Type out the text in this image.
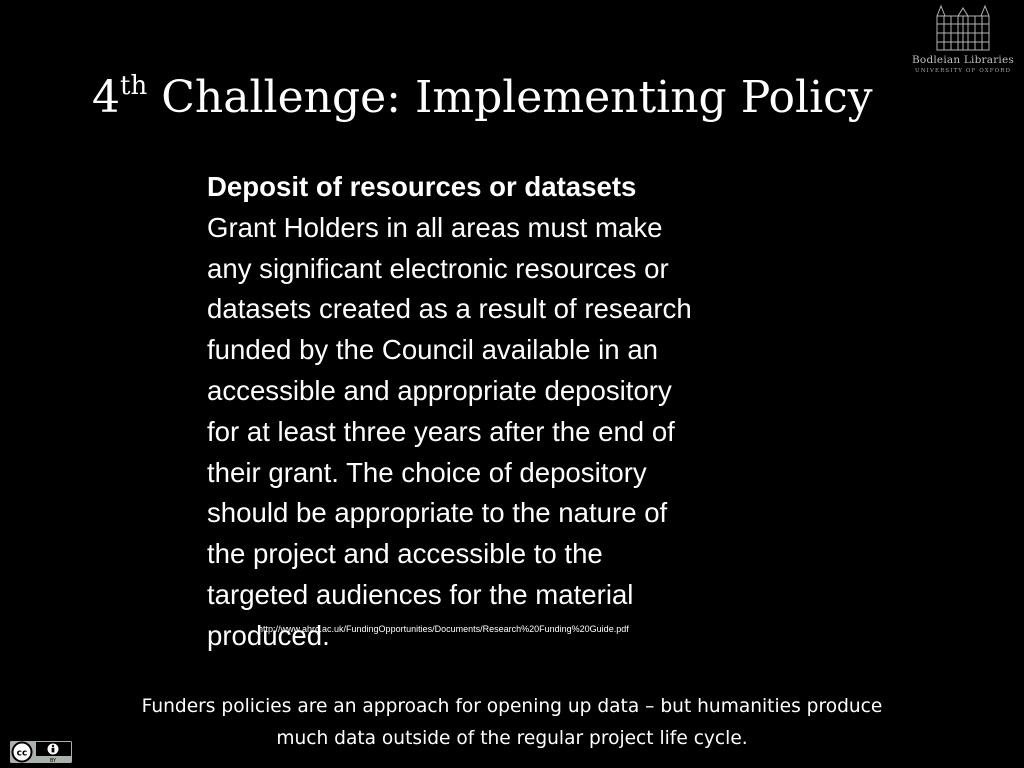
Bodleian Libraries
UNIVERSITY OF OXFORD
4th Challenge: Implementing Policy
Deposit of resources or datasets
Grant Holders in all areas must make
any significant electronic resources or
datasets created as a result of research
funded by the Council available in an
accessible and appropriate depository
for at least three years after the end of
their grant. The choice of depository
should be appropriate to the nature of
the project and accessible to the
targeted audiences for the material
produced.
http://www.ahrc.ac.uk/FundingOpportunities/Documents/Research%20Funding%20Guide.pdf
Funders policies are an approach for opening up data – but humanities produce
much data outside of the regular project life cycle.
cc
BY
